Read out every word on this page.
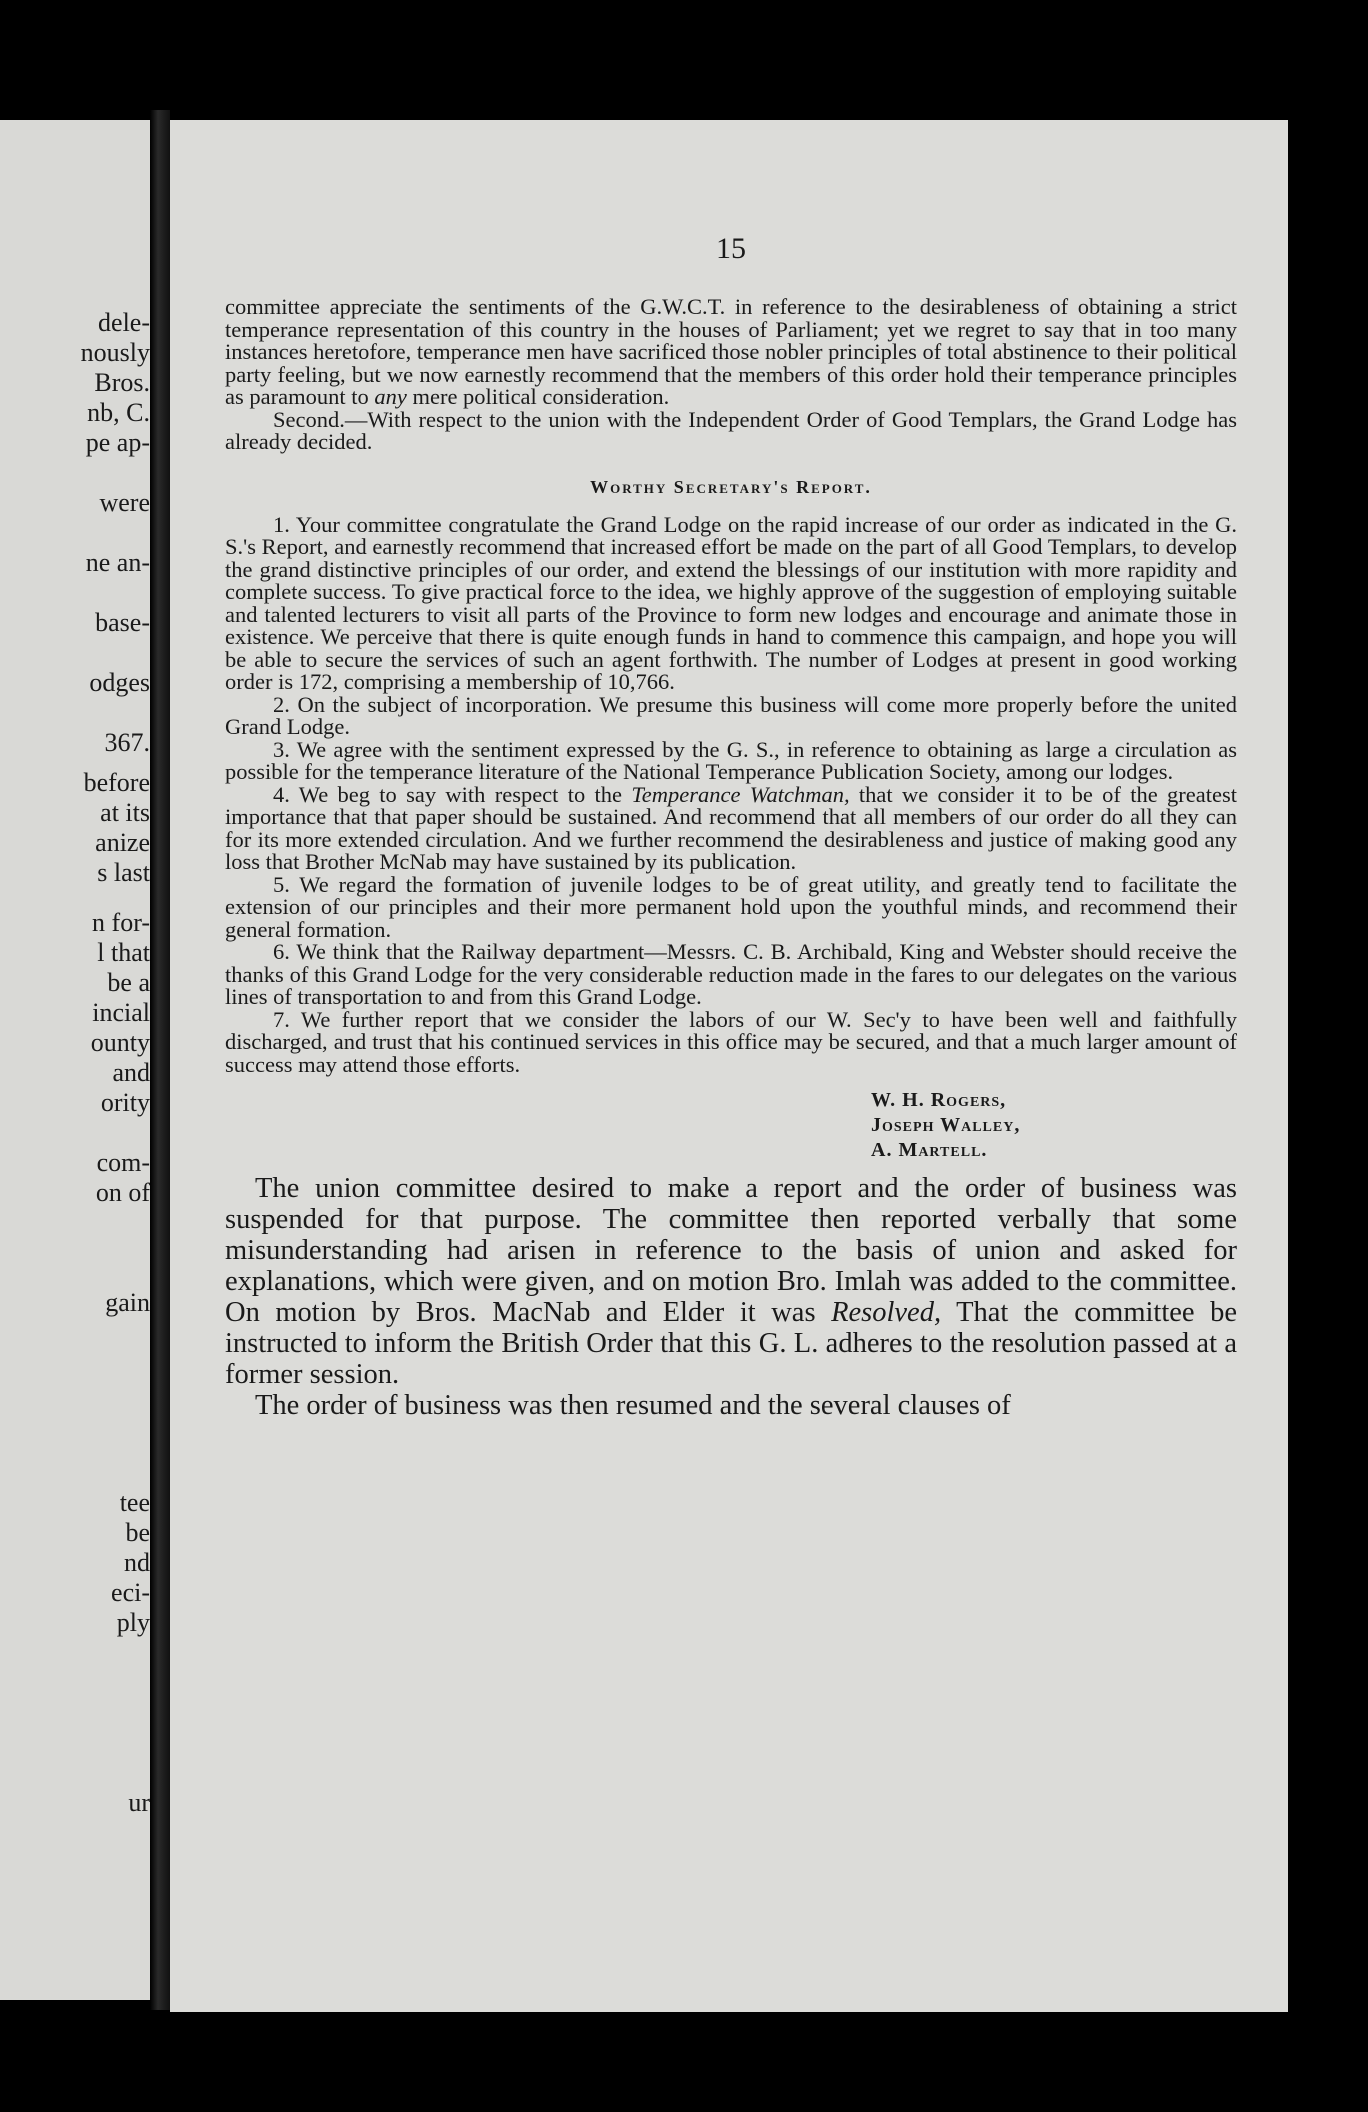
dele-
nously
Bros.
nb, C.
pe ap-
were
ne an-
base-
odges
367.
before
at its
anize
s last
n for-
l that
be a
incial
ounty
and
ority
com-
on of
gain
tee
be
nd
eci-
ply
ur
15

committee appreciate the sentiments of the G.W.C.T. in reference to the desirableness of obtaining a strict temperance representation of this country in the houses of Parliament; yet we regret to say that in too many instances heretofore, temperance men have sacrificed those nobler principles of total abstinence to their political party feeling, but we now earnestly recommend that the members of this order hold their temperance principles as paramount to any mere political consideration.

Second.—With respect to the union with the Independent Order of Good Templars, the Grand Lodge has already decided.

Worthy Secretary's Report.

1. Your committee congratulate the Grand Lodge on the rapid increase of our order as indicated in the G. S.'s Report, and earnestly recommend that increased effort be made on the part of all Good Templars, to develop the grand distinctive principles of our order, and extend the blessings of our institution with more rapidity and complete success. To give practical force to the idea, we highly approve of the suggestion of employing suitable and talented lecturers to visit all parts of the Province to form new lodges and encourage and animate those in existence. We perceive that there is quite enough funds in hand to commence this campaign, and hope you will be able to secure the services of such an agent forthwith. The number of Lodges at present in good working order is 172, comprising a membership of 10,766.

2. On the subject of incorporation. We presume this business will come more properly before the united Grand Lodge.

3. We agree with the sentiment expressed by the G. S., in reference to obtaining as large a circulation as possible for the temperance literature of the National Temperance Publication Society, among our lodges.

4. We beg to say with respect to the Temperance Watchman, that we consider it to be of the greatest importance that that paper should be sustained. And recommend that all members of our order do all they can for its more extended circulation. And we further recommend the desirableness and justice of making good any loss that Brother McNab may have sustained by its publication.

5. We regard the formation of juvenile lodges to be of great utility, and greatly tend to facilitate the extension of our principles and their more permanent hold upon the youthful minds, and recommend their general formation.

6. We think that the Railway department—Messrs. C. B. Archibald, King and Webster should receive the thanks of this Grand Lodge for the very considerable reduction made in the fares to our delegates on the various lines of transportation to and from this Grand Lodge.

7. We further report that we consider the labors of our W. Sec'y to have been well and faithfully discharged, and trust that his continued services in this office may be secured, and that a much larger amount of success may attend those efforts.

W. H. Rogers,
Joseph Walley,
A. Martell.

The union committee desired to make a report and the order of business was suspended for that purpose. The committee then reported verbally that some misunderstanding had arisen in reference to the basis of union and asked for explanations, which were given, and on motion Bro. Imlah was added to the committee. On motion by Bros. MacNab and Elder it was Resolved, That the committee be instructed to inform the British Order that this G. L. adheres to the resolution passed at a former session.

The order of business was then resumed and the several clauses of
